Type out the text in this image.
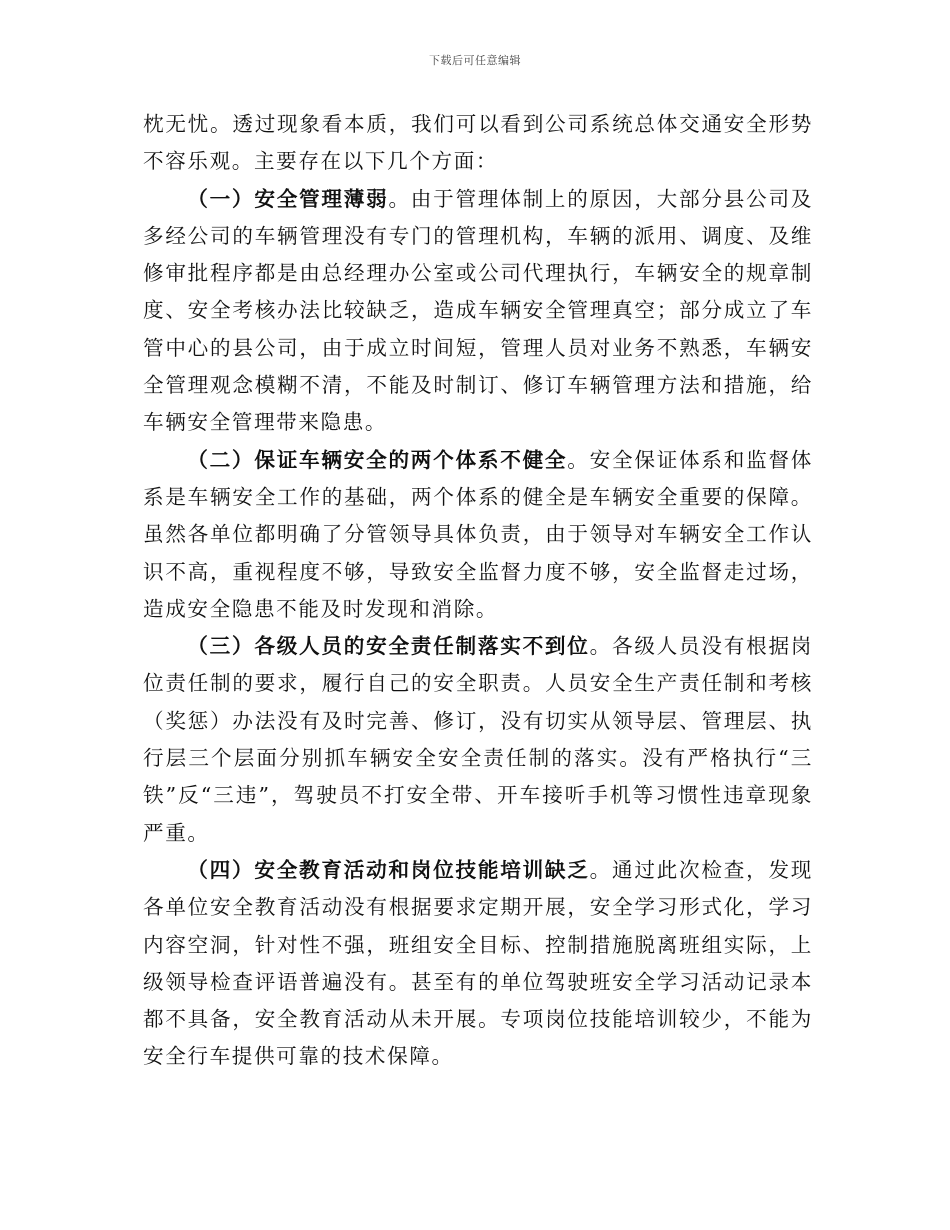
下载后可任意编辑

枕无忧。透过现象看本质，我们可以看到公司系统总体交通安全形势不容乐观。主要存在以下几个方面：

（一）安全管理薄弱。由于管理体制上的原因，大部分县公司及多经公司的车辆管理没有专门的管理机构，车辆的派用、调度、及维修审批程序都是由总经理办公室或公司代理执行，车辆安全的规章制度、安全考核办法比较缺乏，造成车辆安全管理真空；部分成立了车管中心的县公司，由于成立时间短，管理人员对业务不熟悉，车辆安全管理观念模糊不清，不能及时制订、修订车辆管理方法和措施，给车辆安全管理带来隐患。

（二）保证车辆安全的两个体系不健全。安全保证体系和监督体系是车辆安全工作的基础，两个体系的健全是车辆安全重要的保障。虽然各单位都明确了分管领导具体负责，由于领导对车辆安全工作认识不高，重视程度不够，导致安全监督力度不够，安全监督走过场，造成安全隐患不能及时发现和消除。

（三）各级人员的安全责任制落实不到位。各级人员没有根据岗位责任制的要求，履行自己的安全职责。人员安全生产责任制和考核（奖惩）办法没有及时完善、修订，没有切实从领导层、管理层、执行层三个层面分别抓车辆安全安全责任制的落实。没有严格执行“三铁”反“三违”，驾驶员不打安全带、开车接听手机等习惯性违章现象严重。

（四）安全教育活动和岗位技能培训缺乏。通过此次检查，发现各单位安全教育活动没有根据要求定期开展，安全学习形式化，学习内容空洞，针对性不强，班组安全目标、控制措施脱离班组实际，上级领导检查评语普遍没有。甚至有的单位驾驶班安全学习活动记录本都不具备，安全教育活动从未开展。专项岗位技能培训较少，不能为安全行车提供可靠的技术保障。
